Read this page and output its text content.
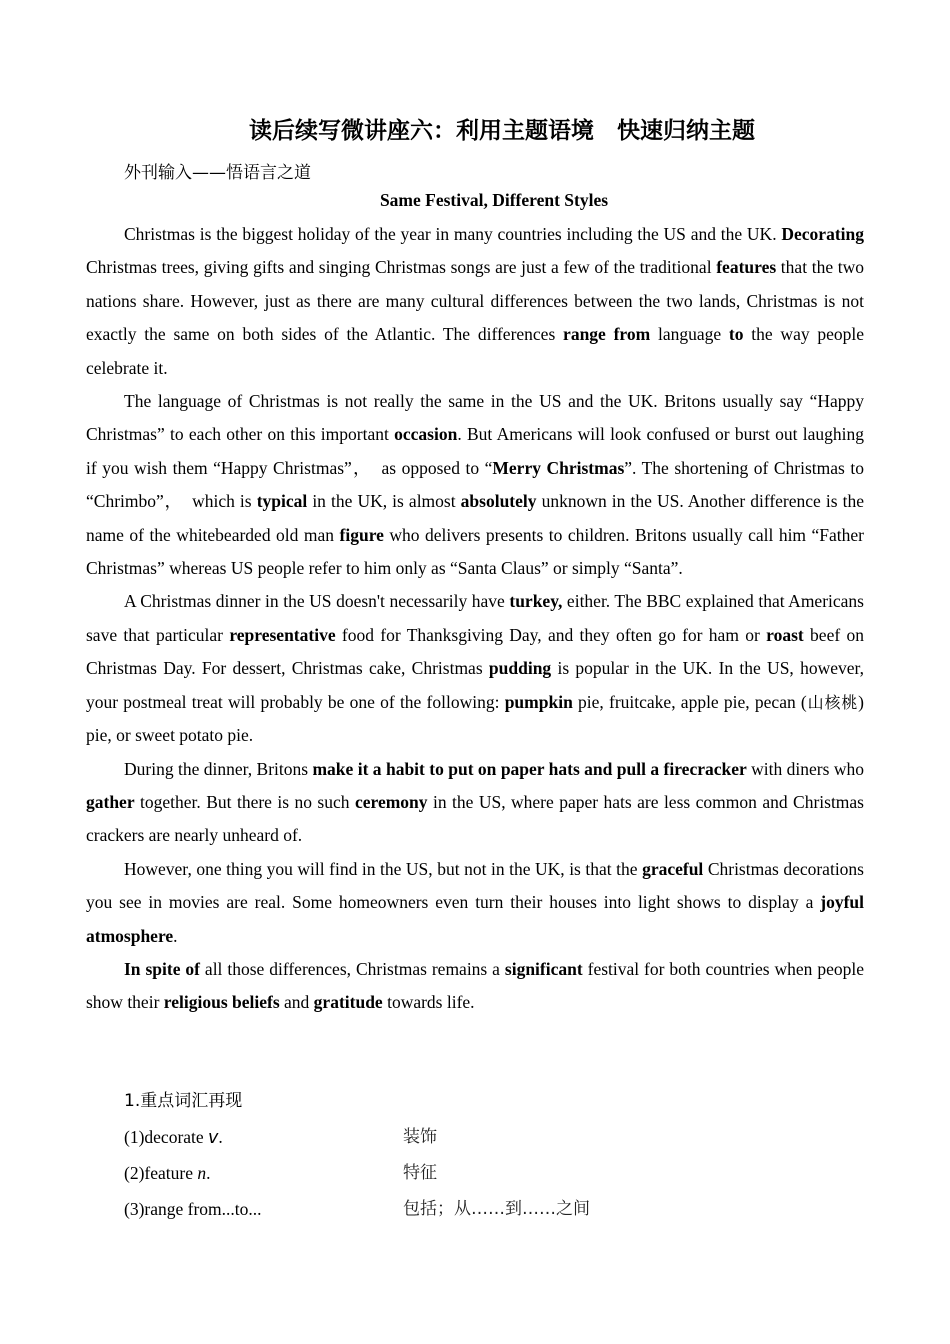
读后续写微讲座六：利用主题语境　快速归纳主题
外刊输入——悟语言之道
Same Festival, Different Styles

Christmas is the biggest holiday of the year in many countries including the US and the UK. Decorating Christmas trees, giving gifts and singing Christmas songs are just a few of the traditional features that the two nations share. However, just as there are many cultural differences between the two lands, Christmas is not exactly the same on both sides of the Atlantic. The differences range from language to the way people celebrate it.

The language of Christmas is not really the same in the US and the UK. Britons usually say “Happy Christmas” to each other on this important occasion. But Americans will look confused or burst out laughing if you wish them “Happy Christmas”，　as opposed to “Merry Christmas”. The shortening of Christmas to “Chrimbo”，　which is typical in the UK, is almost absolutely unknown in the US. Another difference is the name of the whitebearded old man figure who delivers presents to children. Britons usually call him “Father Christmas” whereas US people refer to him only as “Santa Claus” or simply “Santa”.

A Christmas dinner in the US doesn't necessarily have turkey, either. The BBC explained that Americans save that particular representative food for Thanksgiving Day, and they often go for ham or roast beef on Christmas Day. For dessert, Christmas cake, Christmas pudding is popular in the UK. In the US, however, your postmeal treat will probably be one of the following: pumpkin pie, fruitcake, apple pie, pecan (山核桃) pie, or sweet potato pie.

During the dinner, Britons make it a habit to put on paper hats and pull a firecracker with diners who gather together. But there is no such ceremony in the US, where paper hats are less common and Christmas crackers are nearly unheard of.

However, one thing you will find in the US, but not in the UK, is that the graceful Christmas decorations you see in movies are real. Some homeowners even turn their houses into light shows to display a joyful atmosphere.

In spite of all those differences, Christmas remains a significant festival for both countries when people show their religious beliefs and gratitude towards life.

1.重点词汇再现
(1)decorate v.	装饰
(2)feature n.	特征
(3)range from...to...	包括；从……到……之间
